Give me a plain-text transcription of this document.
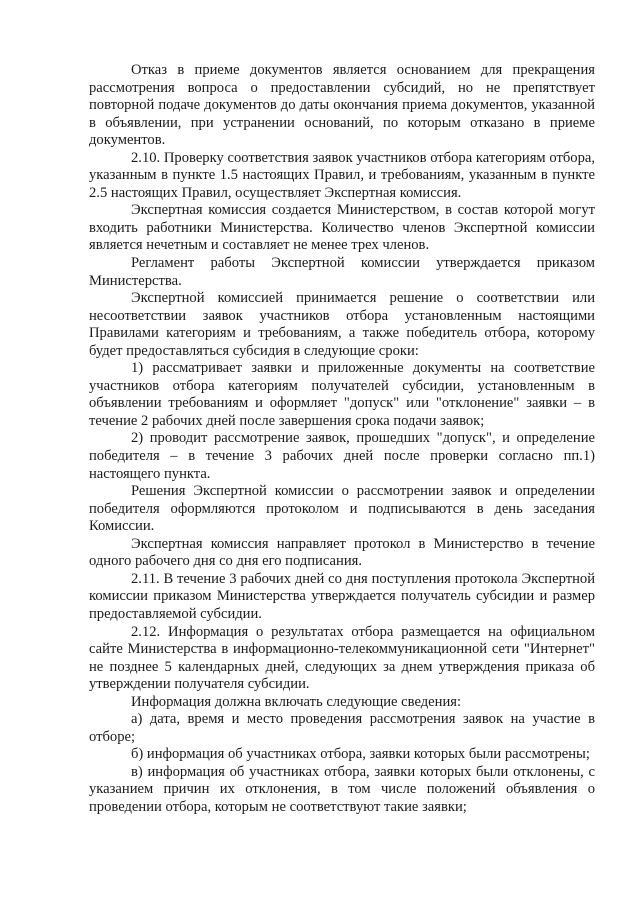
Отказ в приеме документов является основанием для прекращения рассмотрения вопроса о предоставлении субсидий, но не препятствует повторной подаче документов до даты окончания приема документов, указанной в объявлении, при устранении оснований, по которым отказано в приеме документов.

2.10. Проверку соответствия заявок участников отбора категориям отбора, указанным в пункте 1.5 настоящих Правил, и требованиям, указанным в пункте 2.5 настоящих Правил, осуществляет Экспертная комиссия.

Экспертная комиссия создается Министерством, в состав которой могут входить работники Министерства. Количество членов Экспертной комиссии является нечетным и составляет не менее трех членов.

Регламент работы Экспертной комиссии утверждается приказом Министерства.

Экспертной комиссией принимается решение о соответствии или несоответствии заявок участников отбора установленным настоящими Правилами категориям и требованиям, а также победитель отбора, которому будет предоставляться субсидия в следующие сроки:

1) рассматривает заявки и приложенные документы на соответствие участников отбора категориям получателей субсидии, установленным в объявлении требованиям и оформляет "допуск" или "отклонение" заявки – в течение 2 рабочих дней после завершения срока подачи заявок;

2) проводит рассмотрение заявок, прошедших "допуск", и определение победителя – в течение 3 рабочих дней после проверки согласно пп.1) настоящего пункта.

Решения Экспертной комиссии о рассмотрении заявок и определении победителя оформляются протоколом и подписываются в день заседания Комиссии.

Экспертная комиссия направляет протокол в Министерство в течение одного рабочего дня со дня его подписания.

2.11. В течение 3 рабочих дней со дня поступления протокола Экспертной комиссии приказом Министерства утверждается получатель субсидии и размер предоставляемой субсидии.

2.12. Информация о результатах отбора размещается на официальном сайте Министерства в информационно-телекоммуникационной сети "Интернет" не позднее 5 календарных дней, следующих за днем утверждения приказа об утверждении получателя субсидии.

Информация должна включать следующие сведения:

а) дата, время и место проведения рассмотрения заявок на участие в отборе;

б) информация об участниках отбора, заявки которых были рассмотрены;

в) информация об участниках отбора, заявки которых были отклонены, с указанием причин их отклонения, в том числе положений объявления о проведении отбора, которым не соответствуют такие заявки;
